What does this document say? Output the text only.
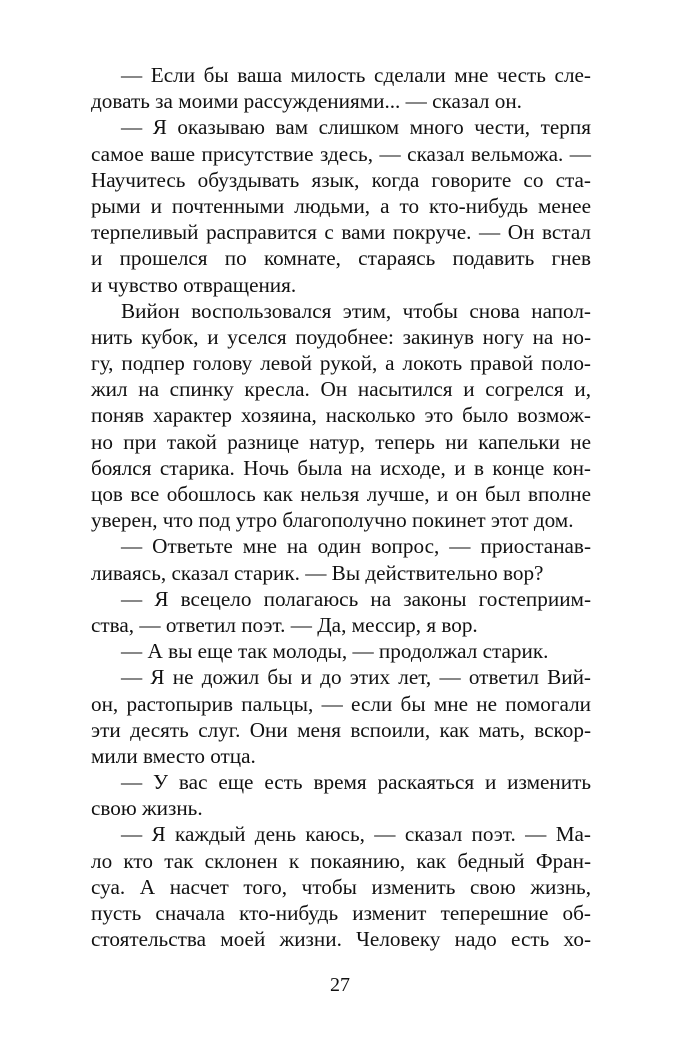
— Если бы ваша милость сделали мне честь сле-
довать за моими рассуждениями... — сказал он.
— Я оказываю вам слишком много чести, терпя
самое ваше присутствие здесь, — сказал вельможа. —
Научитесь обуздывать язык, когда говорите со ста-
рыми и почтенными людьми, а то кто-нибудь менее
терпеливый расправится с вами покруче. — Он встал
и прошелся по комнате, стараясь подавить гнев
и чувство отвращения.
Вийон воспользовался этим, чтобы снова напол-
нить кубок, и уселся поудобнее: закинув ногу на но-
гу, подпер голову левой рукой, а локоть правой поло-
жил на спинку кресла. Он насытился и согрелся и,
поняв характер хозяина, насколько это было возмож-
но при такой разнице натур, теперь ни капельки не
боялся старика. Ночь была на исходе, и в конце кон-
цов все обошлось как нельзя лучше, и он был вполне
уверен, что под утро благополучно покинет этот дом.
— Ответьте мне на один вопрос, — приостанав-
ливаясь, сказал старик. — Вы действительно вор?
— Я всецело полагаюсь на законы гостеприим-
ства, — ответил поэт. — Да, мессир, я вор.
— А вы еще так молоды, — продолжал старик.
— Я не дожил бы и до этих лет, — ответил Вий-
он, растопырив пальцы, — если бы мне не помогали
эти десять слуг. Они меня вспоили, как мать, вскор-
мили вместо отца.
— У вас еще есть время раскаяться и изменить
свою жизнь.
— Я каждый день каюсь, — сказал поэт. — Ма-
ло кто так склонен к покаянию, как бедный Фран-
суа. А насчет того, чтобы изменить свою жизнь,
пусть сначала кто-нибудь изменит теперешние об-
стоятельства моей жизни. Человеку надо есть хо-
27
